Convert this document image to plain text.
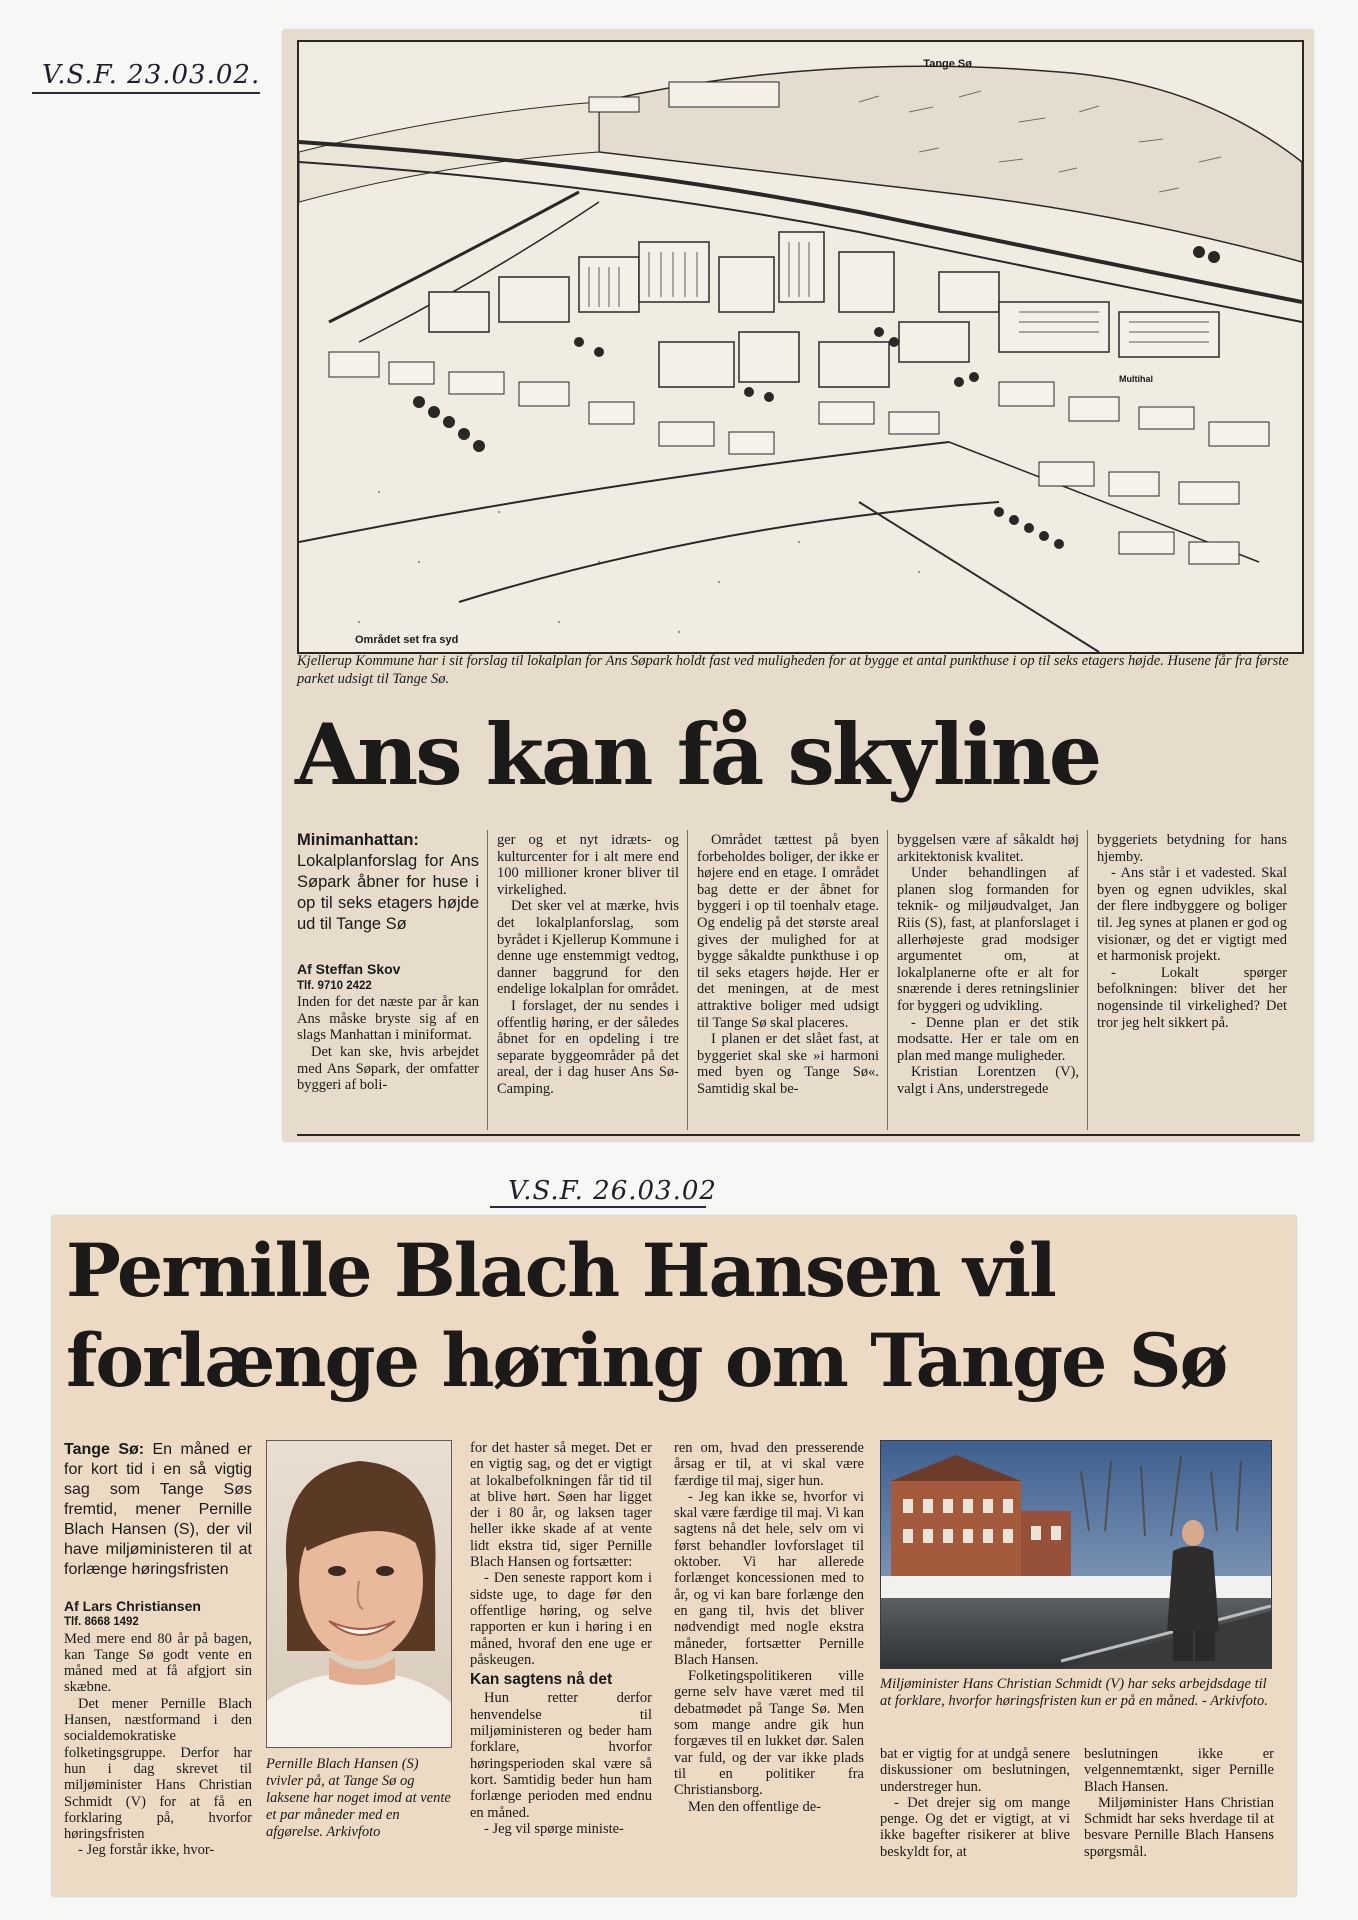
V.S.F. 23.03.02.
V.S.F. 26.03.02
Tange Sø
Området set fra syd
Multihal
Kjellerup Kommune har i sit forslag til lokalplan for Ans Søpark holdt fast ved muligheden for at bygge et antal punkthuse i op til seks etagers højde. Husene får fra første parket udsigt til Tange Sø.
Ans kan få skyline
Minimanhattan:
Lokalplanforslag for Ans Søpark åbner for huse i op til seks etagers højde ud til Tange Sø
Af Steffan Skov
Tlf. 9710 2422

Inden for det næste par år kan Ans måske bryste sig af en slags Manhattan i miniformat.

Det kan ske, hvis arbejdet med Ans Søpark, der omfatter byggeri af boli-

ger og et nyt idræts- og kulturcenter for i alt mere end 100 millioner kroner bliver til virkelighed.

Det sker vel at mærke, hvis det lokalplanforslag, som byrådet i Kjellerup Kommune i denne uge enstemmigt vedtog, danner baggrund for den endelige lokalplan for området.

I forslaget, der nu sendes i offentlig høring, er der således åbnet for en opdeling i tre separate byggeområder på det areal, der i dag huser Ans Sø-Camping.

Området tættest på byen forbeholdes boliger, der ikke er højere end en etage. I området bag dette er der åbnet for byggeri i op til toenhalv etage. Og endelig på det største areal gives der mulighed for at bygge såkaldte punkthuse i op til seks etagers højde. Her er det meningen, at de mest attraktive boliger med udsigt til Tange Sø skal placeres.

I planen er det slået fast, at byggeriet skal ske »i harmoni med byen og Tange Sø«. Samtidig skal be-

byggelsen være af såkaldt høj arkitektonisk kvalitet.

Under behandlingen af planen slog formanden for teknik- og miljøudvalget, Jan Riis (S), fast, at planforslaget i allerhøjeste grad modsiger argumentet om, at lokalplanerne ofte er alt for snærende i deres retningslinier for byggeri og udvikling.

- Denne plan er det stik modsatte. Her er tale om en plan med mange muligheder.

Kristian Lorentzen (V), valgt i Ans, understregede

byggeriets betydning for hans hjemby.

- Ans står i et vadested. Skal byen og egnen udvikles, skal der flere indbyggere og boliger til. Jeg synes at planen er god og visionær, og det er vigtigt med et harmonisk projekt.

- Lokalt spørger befolkningen: bliver det her nogensinde til virkelighed? Det tror jeg helt sikkert på.

Pernille Blach Hansen vil
forlænge høring om Tange Sø
Tange Sø: En måned er for kort tid i en så vigtig sag som Tange Søs fremtid, mener Pernille Blach Hansen (S), der vil have miljøministeren til at forlænge høringsfristen
Af Lars Christiansen
Tlf. 8668 1492

Med mere end 80 år på bagen, kan Tange Sø godt vente en måned med at få afgjort sin skæbne.

Det mener Pernille Blach Hansen, næstformand i den socialdemokratiske folketingsgruppe. Derfor har hun i dag skrevet til miljøminister Hans Christian Schmidt (V) for at få en forklaring på, hvorfor høringsfristen

- Jeg forstår ikke, hvor-

Pernille Blach Hansen (S) tvivler på, at Tange Sø og laksene har noget imod at vente et par måneder med en afgørelse. Arkivfoto

for det haster så meget. Det er en vigtig sag, og det er vigtigt at lokalbefolkningen får tid til at blive hørt. Søen har ligget der i 80 år, og laksen tager heller ikke skade af at vente lidt ekstra tid, siger Pernille Blach Hansen og fortsætter:

- Den seneste rapport kom i sidste uge, to dage før den offentlige høring, og selve rapporten er kun i høring i en måned, hvoraf den ene uge er påskeugen.

Kan sagtens nå det

Hun retter derfor henvendelse til miljøministeren og beder ham forklare, hvorfor høringsperioden skal være så kort. Samtidig beder hun ham forlænge perioden med endnu en måned.

- Jeg vil spørge ministe-

ren om, hvad den presserende årsag er til, at vi skal være færdige til maj, siger hun.

- Jeg kan ikke se, hvorfor vi skal være færdige til maj. Vi kan sagtens nå det hele, selv om vi først behandler lovforslaget til oktober. Vi har allerede forlænget koncessionen med to år, og vi kan bare forlænge den en gang til, hvis det bliver nødvendigt med nogle ekstra måneder, fortsætter Pernille Blach Hansen.

Folketingspolitikeren ville gerne selv have været med til debatmødet på Tange Sø. Men som mange andre gik hun forgæves til en lukket dør. Salen var fuld, og der var ikke plads til en politiker fra Christiansborg.

Men den offentlige de-

Miljøminister Hans Christian Schmidt (V) har seks arbejdsdage til at forklare, hvorfor høringsfristen kun er på en måned. - Arkivfoto.

bat er vigtig for at undgå senere diskussioner om beslutningen, understreger hun.

- Det drejer sig om mange penge. Og det er vigtigt, at vi ikke bagefter risikerer at blive beskyldt for, at

beslutningen ikke er velgennemtænkt, siger Pernille Blach Hansen.

Miljøminister Hans Christian Schmidt har seks hverdage til at besvare Pernille Blach Hansens spørgsmål.
